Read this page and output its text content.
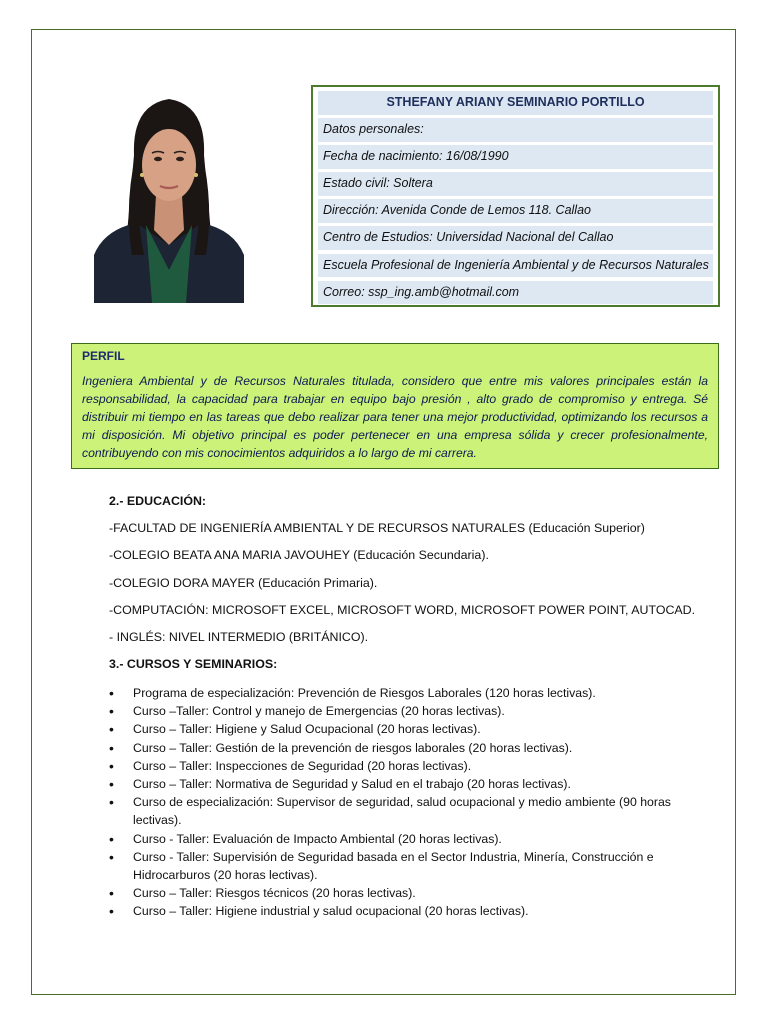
STHEFANY ARIANY SEMINARIO PORTILLO
Datos personales:
Fecha de nacimiento: 16/08/1990
Estado civil: Soltera
Dirección: Avenida Conde de Lemos 118. Callao
Centro de Estudios: Universidad Nacional del Callao
Escuela Profesional de Ingeniería Ambiental y de Recursos Naturales
Correo: ssp_ing.amb@hotmail.com
PERFIL
Ingeniera Ambiental y de Recursos Naturales titulada, considero que entre mis valores principales están la responsabilidad, la capacidad para trabajar en equipo bajo presión , alto grado de compromiso y entrega. Sé distribuir mi tiempo en las tareas que debo realizar para tener una mejor productividad, optimizando los recursos a mi disposición. Mi objetivo principal es poder pertenecer en una empresa sólida y crecer profesionalmente, contribuyendo con mis conocimientos adquiridos a lo largo de mi carrera.
2.- EDUCACIÓN:
-FACULTAD DE INGENIERÍA AMBIENTAL Y DE RECURSOS NATURALES (Educación Superior)
-COLEGIO BEATA ANA MARIA JAVOUHEY (Educación Secundaria).
-COLEGIO DORA MAYER (Educación Primaria).
-COMPUTACIÓN: MICROSOFT EXCEL, MICROSOFT WORD, MICROSOFT POWER POINT, AUTOCAD.
- INGLÉS: NIVEL INTERMEDIO (BRITÁNICO).
3.- CURSOS Y SEMINARIOS:
• Programa de especialización: Prevención de Riesgos Laborales (120 horas lectivas).
• Curso –Taller: Control y manejo de Emergencias (20 horas lectivas).
• Curso – Taller: Higiene y Salud Ocupacional (20 horas lectivas).
• Curso – Taller: Gestión de la prevención de riesgos laborales (20 horas lectivas).
• Curso – Taller: Inspecciones de Seguridad (20 horas lectivas).
• Curso – Taller: Normativa de Seguridad y Salud en el trabajo (20 horas lectivas).
• Curso de especialización: Supervisor de seguridad, salud ocupacional y medio ambiente (90 horas lectivas).
• Curso - Taller: Evaluación de Impacto Ambiental (20 horas lectivas).
• Curso - Taller: Supervisión de Seguridad basada en el Sector Industria, Minería, Construcción e Hidrocarburos (20 horas lectivas).
• Curso – Taller: Riesgos técnicos (20 horas lectivas).
• Curso – Taller: Higiene industrial y salud ocupacional (20 horas lectivas).
